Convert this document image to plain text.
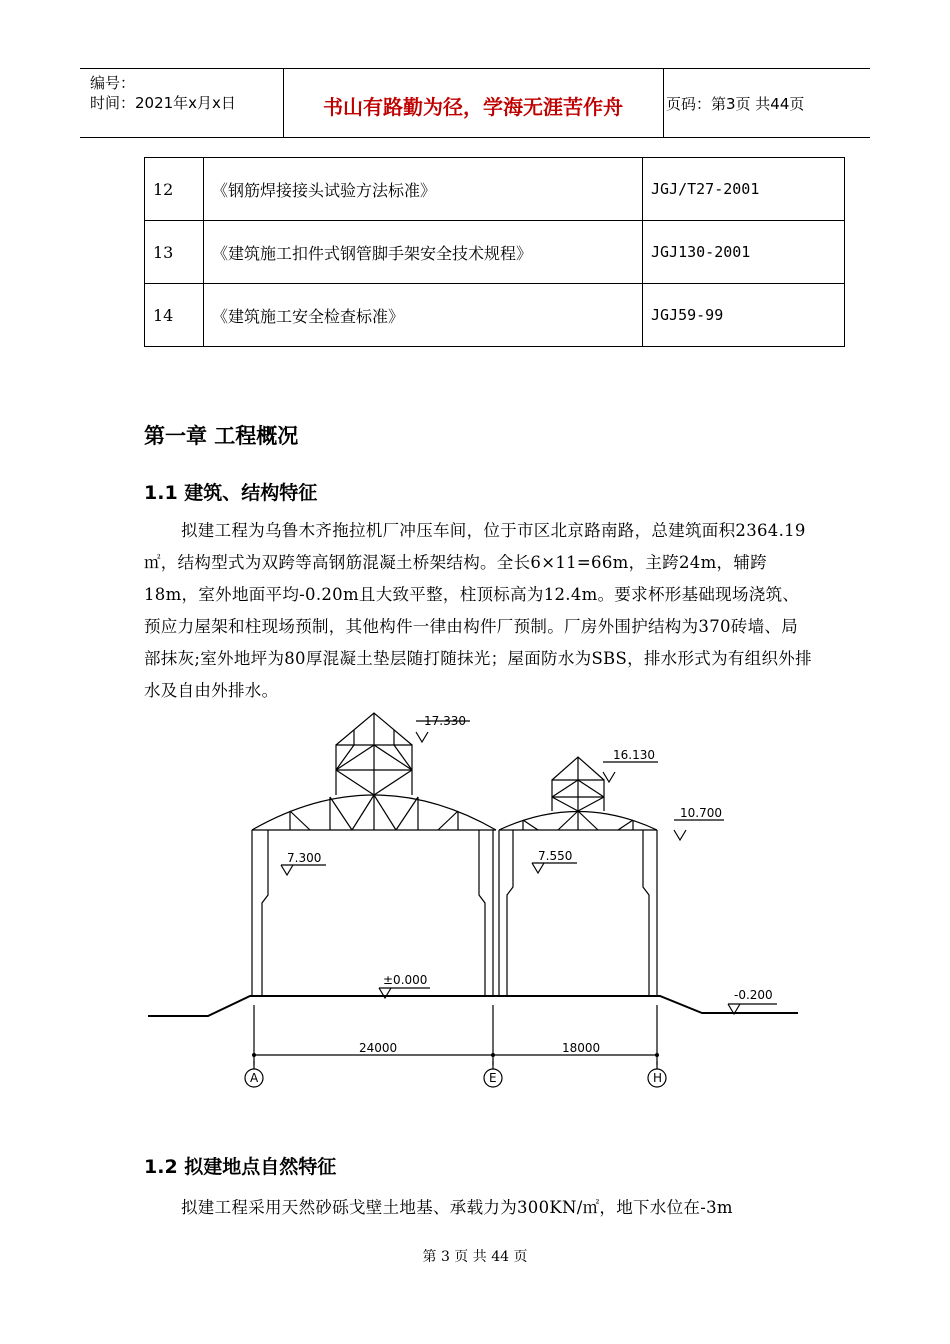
编号：
时间：2021年x月x日	书山有路勤为径，学海无涯苦作舟	页码：第3页 共44页
12	《钢筋焊接接头试验方法标准》	JGJ/T27-2001
13	《建筑施工扣件式钢管脚手架安全技术规程》	JGJ130-2001
14	《建筑施工安全检查标准》	JGJ59-99
第一章 工程概况
1.1 建筑、结构特征
拟建工程为乌鲁木齐拖拉机厂冲压车间，位于市区北京路南路，总建筑面积2364.19㎡，结构型式为双跨等高钢筋混凝土桥架结构。全长6×11=66m，主跨24m，辅跨18m，室外地面平均-0.20m且大致平整，柱顶标高为12.4m。要求杯形基础现场浇筑、预应力屋架和柱现场预制，其他构件一律由构件厂预制。厂房外围护结构为370砖墙、局部抹灰;室外地坪为80厚混凝土垫层随打随抹光；屋面防水为SBS，排水形式为有组织外排水及自由外排水。
17.330
16.130
10.700
7.300	7.550
±0.000
-0.200
24000	18000
A	E	H
1.2 拟建地点自然特征
拟建工程采用天然砂砾戈壁土地基、承载力为300KN/㎡，地下水位在-3m
第 3 页 共 44 页
